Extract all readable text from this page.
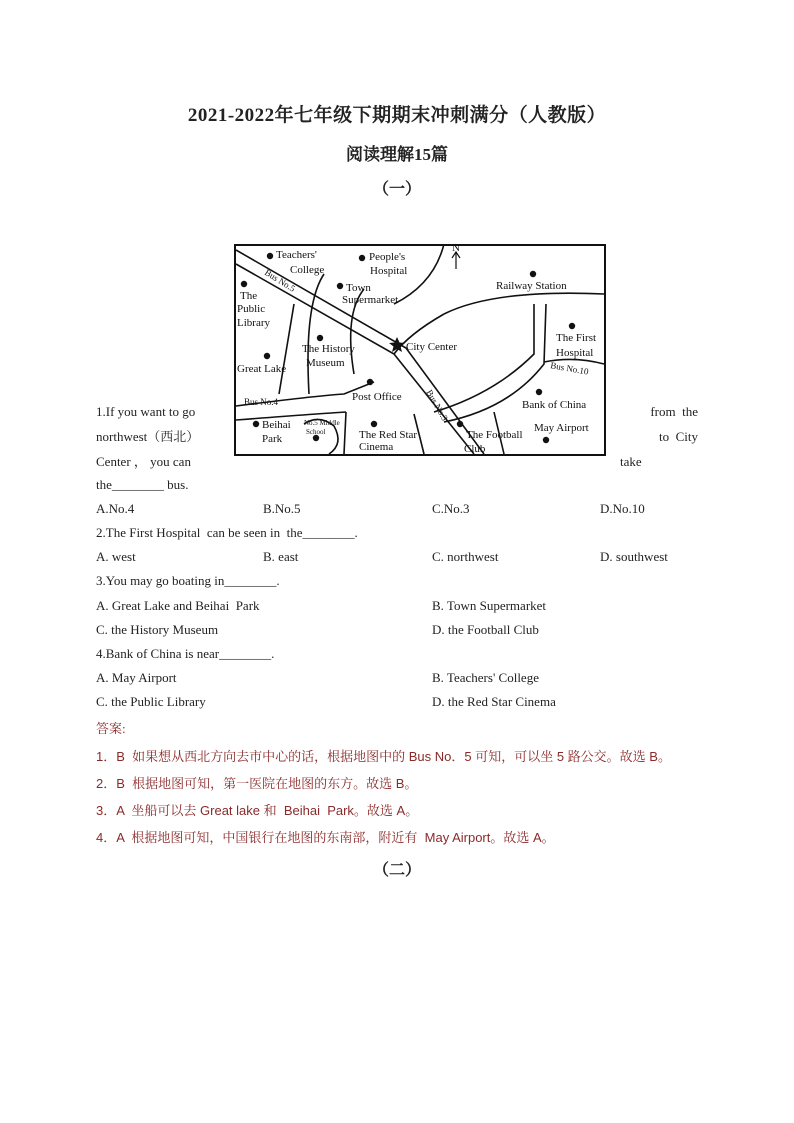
2021-2022年七年级下期期末冲刺满分（人教版）
阅读理解15篇
（一）
N
Teachers'
College
People's
Hospital
Town
Supermarket
Railway Station
The
Public
Library
The History
Museum
City Center
The First
Hospital
Great Lake
Post Office
Bank of China
Beihai
Park
No.5 Middle
School	The Red Star
Cinema
The Football
Club
May Airport
Bus No.5
Bus No.4	Bus No.3
Bus No.10
1.If you want to go
northwest（西北）
Center ， you can
the________ bus.
from  the
to  City
take
A.No.4	B.No.5	C.No.3	D.No.10
2.The First Hospital  can be seen in  the________.
A. west	B. east	C. northwest	D. southwest
3.You may go boating in________.
A. Great Lake and Beihai  Park	B. Town Supermarket
C. the History Museum	D. the Football Club
4.Bank of China is near________.
A. May Airport	B. Teachers' College
C. the Public Library	D. the Red Star Cinema
答案:
1．B  如果想从西北方向去市中心的话，根据地图中的 Bus No．5 可知，可以坐 5 路公交。故选 B。
2．B  根据地图可知，第一医院在地图的东方。故选 B。
3．A  坐船可以去 Great lake 和  Beihai  Park。故选 A。
4．A  根据地图可知，中国银行在地图的东南部，附近有  May Airport。故选 A。
（二）
